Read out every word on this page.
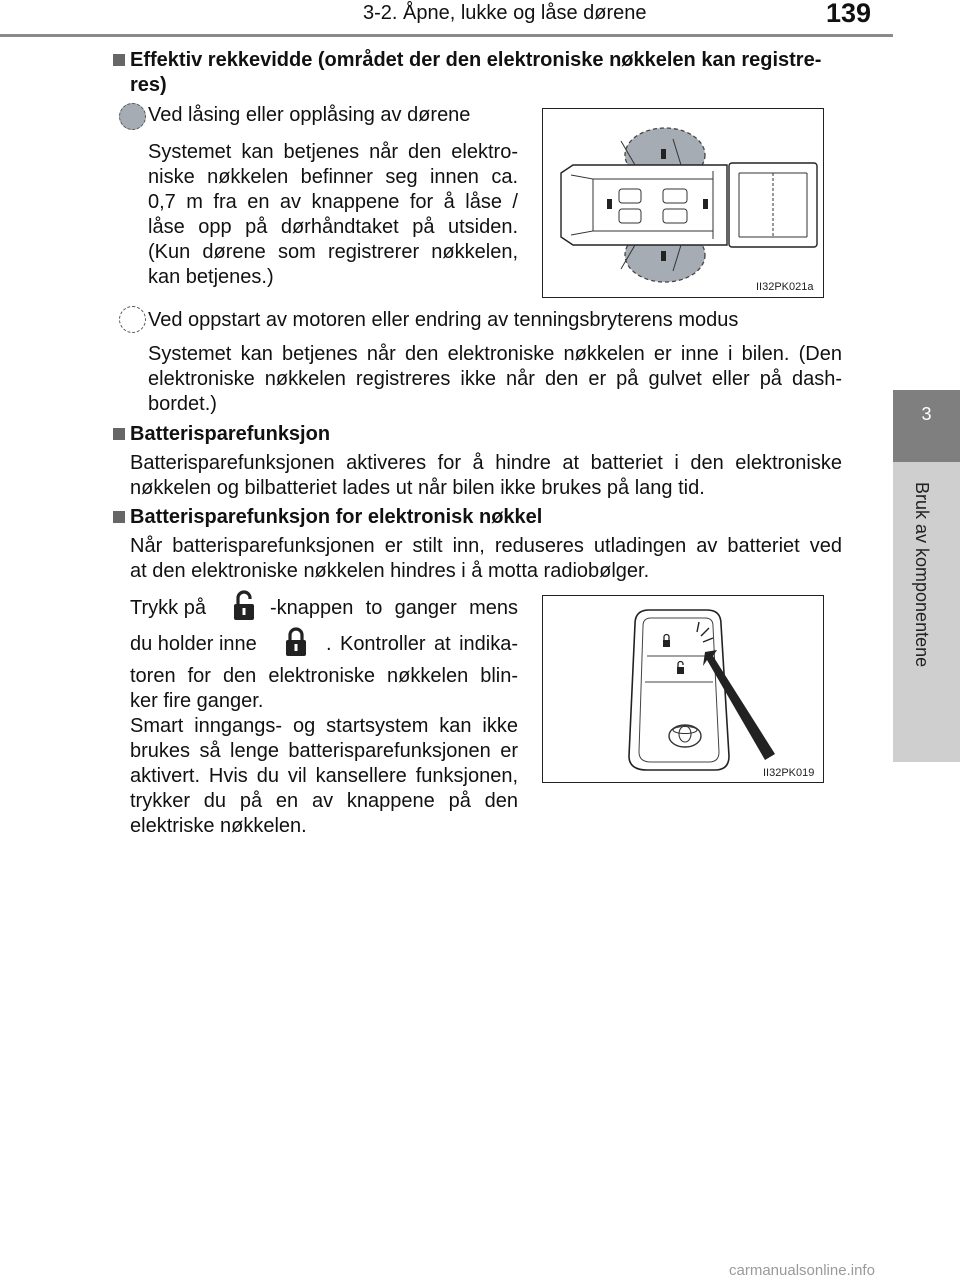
3-2. Åpne, lukke og låse dørene	139
3
Bruk av komponentene
Effektiv rekkevidde (området der den elektroniske nøkkelen kan registre-
res)
Ved låsing eller opplåsing av dørene
Systemet kan betjenes når den elektro-
niske nøkkelen befinner seg innen ca.
0,7 m fra en av knappene for å låse /
låse opp på dørhåndtaket på utsiden.
(Kun dørene som registrerer nøkkelen,
kan betjenes.)	II32PK021a
Ved oppstart av motoren eller endring av tenningsbryterens modus
Systemet kan betjenes når den elektroniske nøkkelen er inne i bilen. (Den
elektroniske nøkkelen registreres ikke når den er på gulvet eller på dash-
bordet.)
Batterisparefunksjon
Batterisparefunksjonen aktiveres for å hindre at batteriet i den elektroniske
nøkkelen og bilbatteriet lades ut når bilen ikke brukes på lang tid.
Batterisparefunksjon for elektronisk nøkkel
Når batterisparefunksjonen er stilt inn, reduseres utladingen av batteriet ved
at den elektroniske nøkkelen hindres i å motta radiobølger.
Trykk på	-knappen to ganger mens
du holder inne	. Kontroller at indika-
toren for den elektroniske nøkkelen blin-
ker fire ganger.
Smart inngangs- og startsystem kan ikke
brukes så lenge batterisparefunksjonen er
aktivert. Hvis du vil kansellere funksjonen,
trykker du på en av knappene på den
elektriske nøkkelen.
II32PK019
carmanualsonline.info
